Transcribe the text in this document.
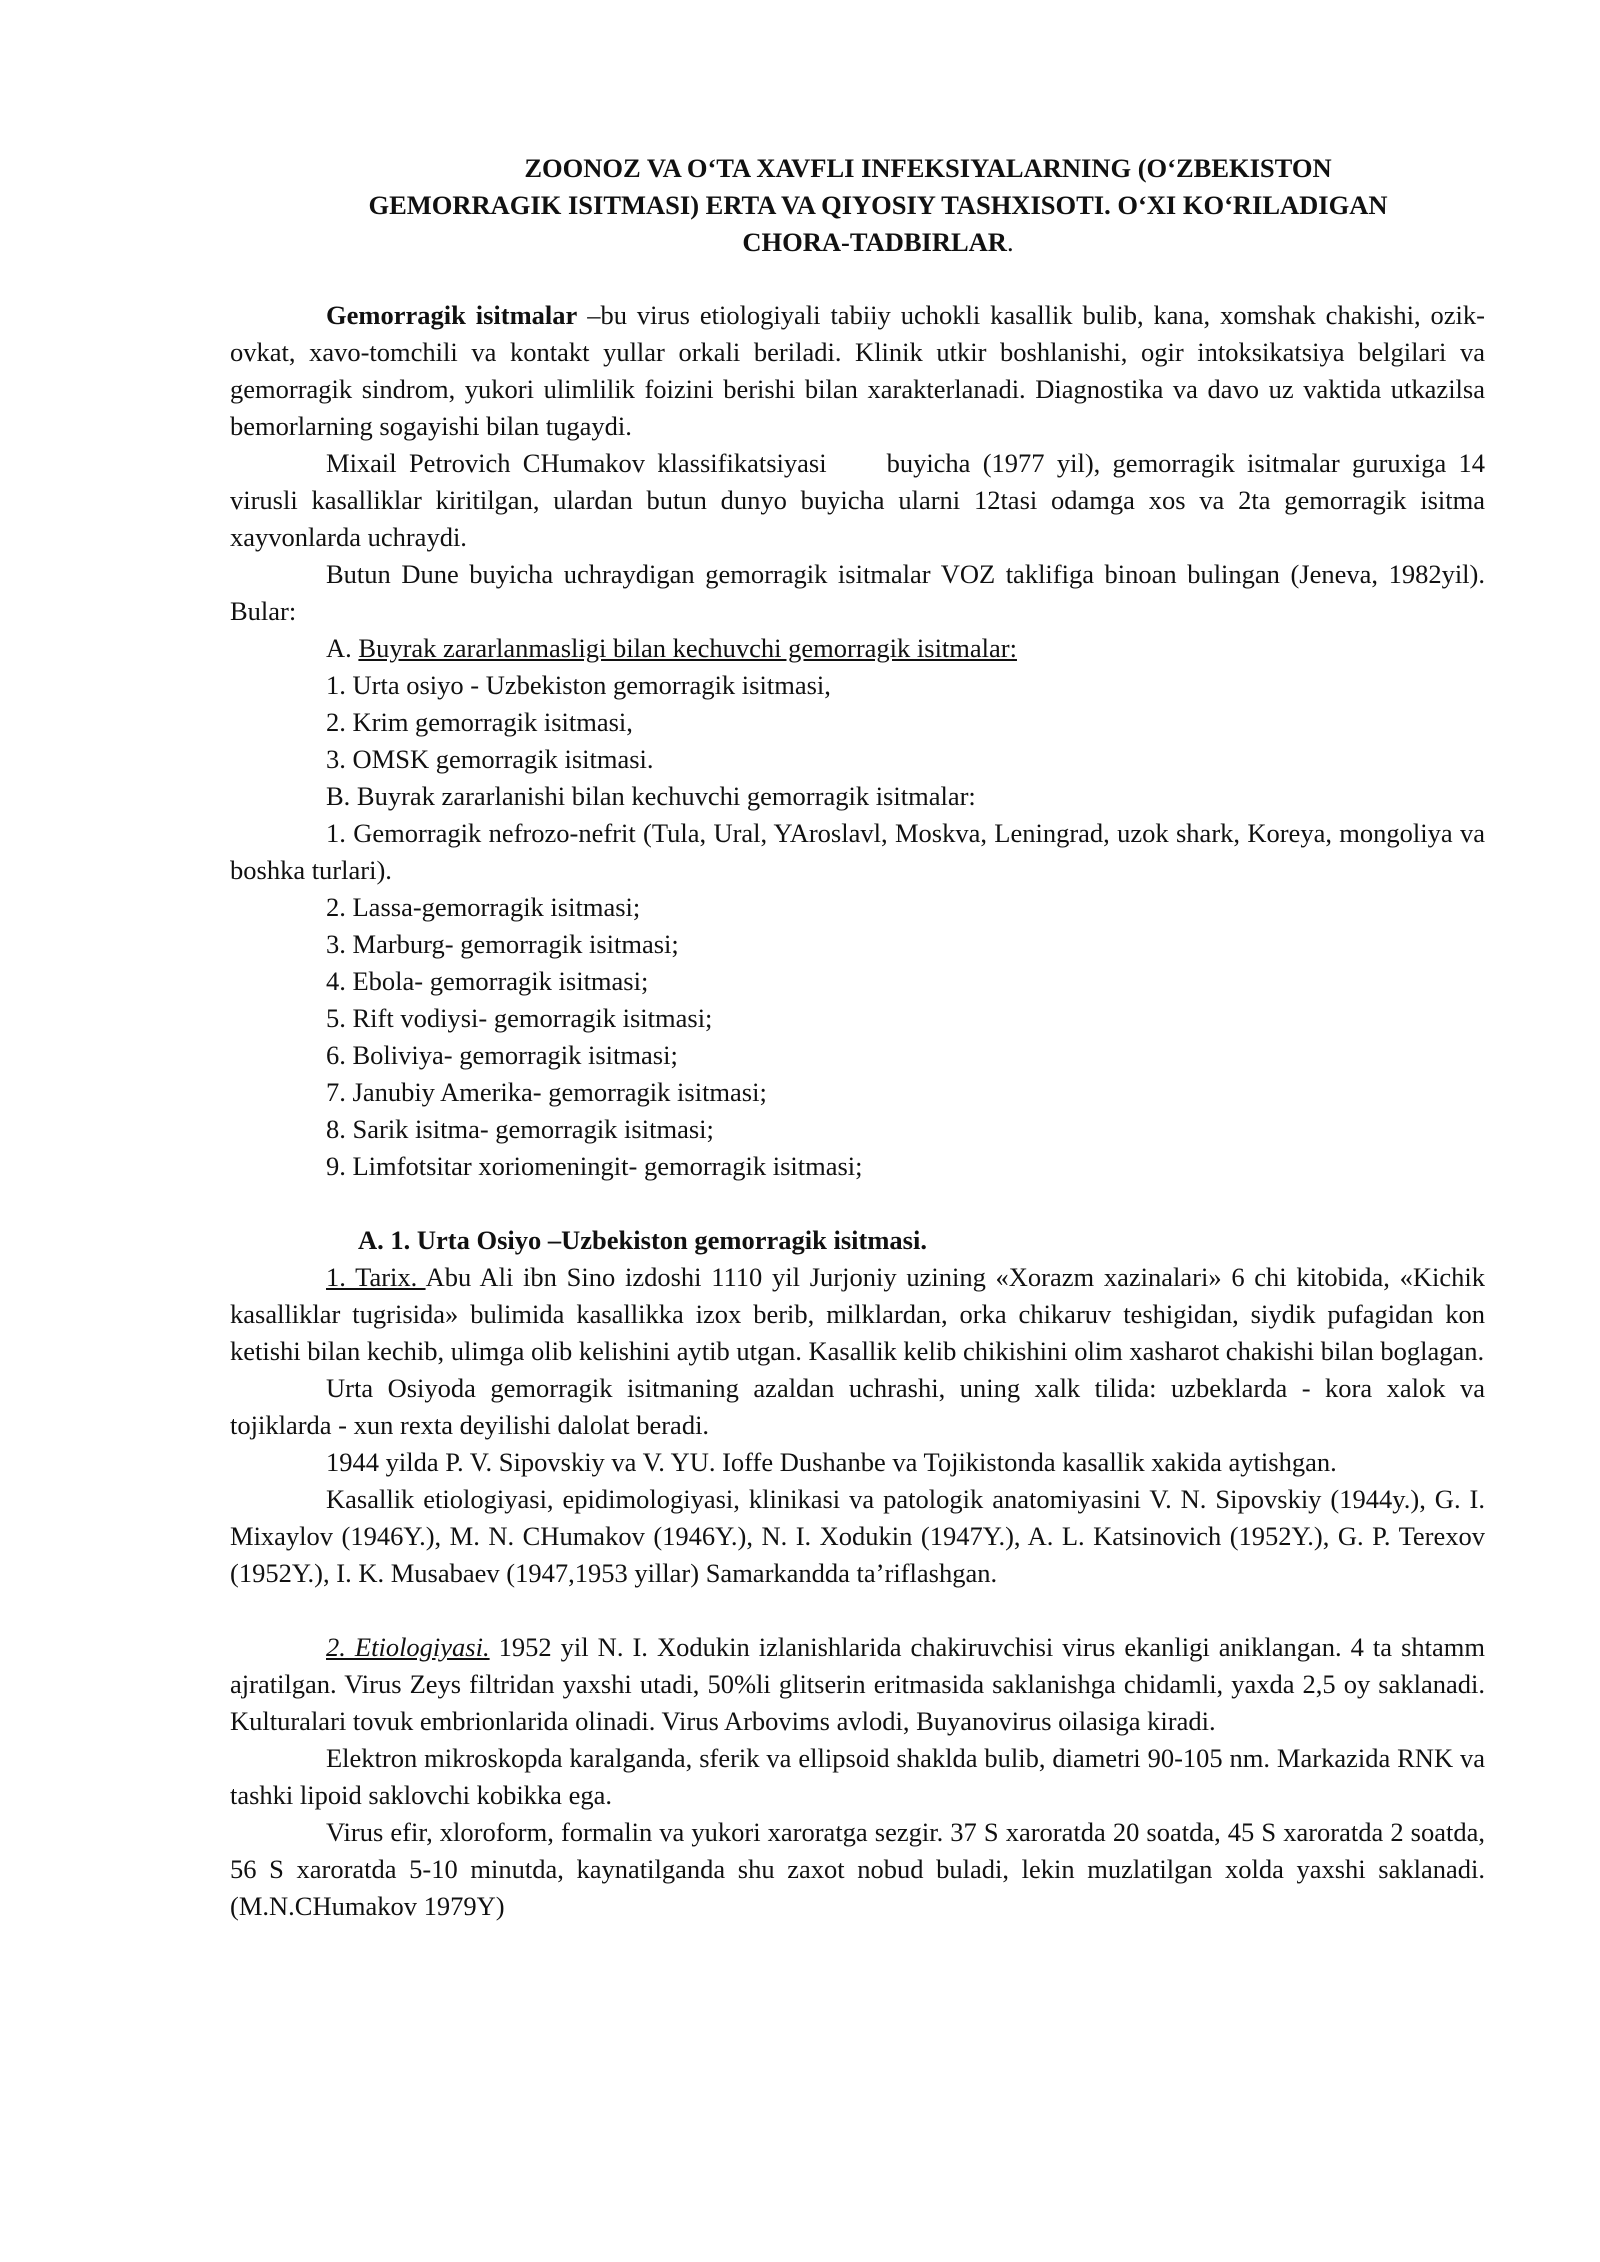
ZOONOZ VA OʻTA XAVFLI INFEKSIYALARNING (OʻZBEKISTON
GEMORRAGIK ISITMASI) ERTA VA QIYOSIY TASHXISOTI. OʻXI KOʻRILADIGAN
CHORA-TADBIRLAR.

Gemorragik isitmalar –bu virus etiologiyali tabiiy uchokli kasallik bulib, kana, xomshak chakishi, ozik-ovkat, xavo-tomchili va kontakt yullar orkali beriladi. Klinik utkir boshlanishi, ogir intoksikatsiya belgilari va gemorragik sindrom, yukori ulimlilik foizini berishi bilan xarakterlanadi. Diagnostika va davo uz vaktida utkazilsa bemorlarning sogayishi bilan tugaydi.

Mixail Petrovich CHumakov klassifikatsiyasi buyicha (1977 yil), gemorragik isitmalar guruxiga 14 virusli kasalliklar kiritilgan, ulardan butun dunyo buyicha ularni 12tasi odamga xos va 2ta gemorragik isitma xayvonlarda uchraydi.

Butun Dune buyicha uchraydigan gemorragik isitmalar VOZ taklifiga binoan bulingan (Jeneva, 1982yil). Bular:

A. Buyrak zararlanmasligi bilan kechuvchi gemorragik isitmalar:

1. Urta osiyo - Uzbekiston gemorragik isitmasi,

2. Krim gemorragik isitmasi,

3. OMSK gemorragik isitmasi.

B. Buyrak zararlanishi bilan kechuvchi gemorragik isitmalar:

1. Gemorragik nefrozo-nefrit (Tula, Ural, YAroslavl, Moskva, Leningrad, uzok shark, Koreya, mongoliya va boshka turlari).

2. Lassa-gemorragik isitmasi;

3. Marburg- gemorragik isitmasi;

4. Ebola- gemorragik isitmasi;

5. Rift vodiysi- gemorragik isitmasi;

6. Boliviya- gemorragik isitmasi;

7. Janubiy Amerika- gemorragik isitmasi;

8. Sarik isitma- gemorragik isitmasi;

9. Limfotsitar xoriomeningit- gemorragik isitmasi;

A. 1. Urta Osiyo –Uzbekiston gemorragik isitmasi.

1. Tarix. Abu Ali ibn Sino izdoshi 1110 yil Jurjoniy uzining «Xorazm xazinalari» 6 chi kitobida, «Kichik kasalliklar tugrisida» bulimida kasallikka izox berib, milklardan, orka chikaruv teshigidan, siydik pufagidan kon ketishi bilan kechib, ulimga olib kelishini aytib utgan. Kasallik kelib chikishini olim xasharot chakishi bilan boglagan.

Urta Osiyoda gemorragik isitmaning azaldan uchrashi, uning xalk tilida: uzbeklarda - kora xalok va tojiklarda - xun rexta deyilishi dalolat beradi.

1944 yilda P. V. Sipovskiy va V. YU. Ioffe Dushanbe va Tojikistonda kasallik xakida aytishgan.

Kasallik etiologiyasi, epidimologiyasi, klinikasi va patologik anatomiyasini V. N. Sipovskiy (1944y.), G. I. Mixaylov (1946Y.), M. N. CHumakov (1946Y.), N. I. Xodukin (1947Y.), A. L. Katsinovich (1952Y.), G. P. Terexov (1952Y.), I. K. Musabaev (1947,1953 yillar) Samarkandda ta’riflashgan.

2. Etiologiyasi. 1952 yil N. I. Xodukin izlanishlarida chakiruvchisi virus ekanligi aniklangan. 4 ta shtamm ajratilgan. Virus Zeys filtridan yaxshi utadi, 50%li glitserin eritmasida saklanishga chidamli, yaxda 2,5 oy saklanadi. Kulturalari tovuk embrionlarida olinadi. Virus Arbovims avlodi, Buyanovirus oilasiga kiradi.

Elektron mikroskopda karalganda, sferik va ellipsoid shaklda bulib, diametri 90-105 nm. Markazida RNK va tashki lipoid saklovchi kobikka ega.

Virus efir, xloroform, formalin va yukori xaroratga sezgir. 37 S xaroratda 20 soatda, 45 S xaroratda 2 soatda, 56 S xaroratda 5-10 minutda, kaynatilganda shu zaxot nobud buladi, lekin muzlatilgan xolda yaxshi saklanadi. (M.N.CHumakov 1979Y)
